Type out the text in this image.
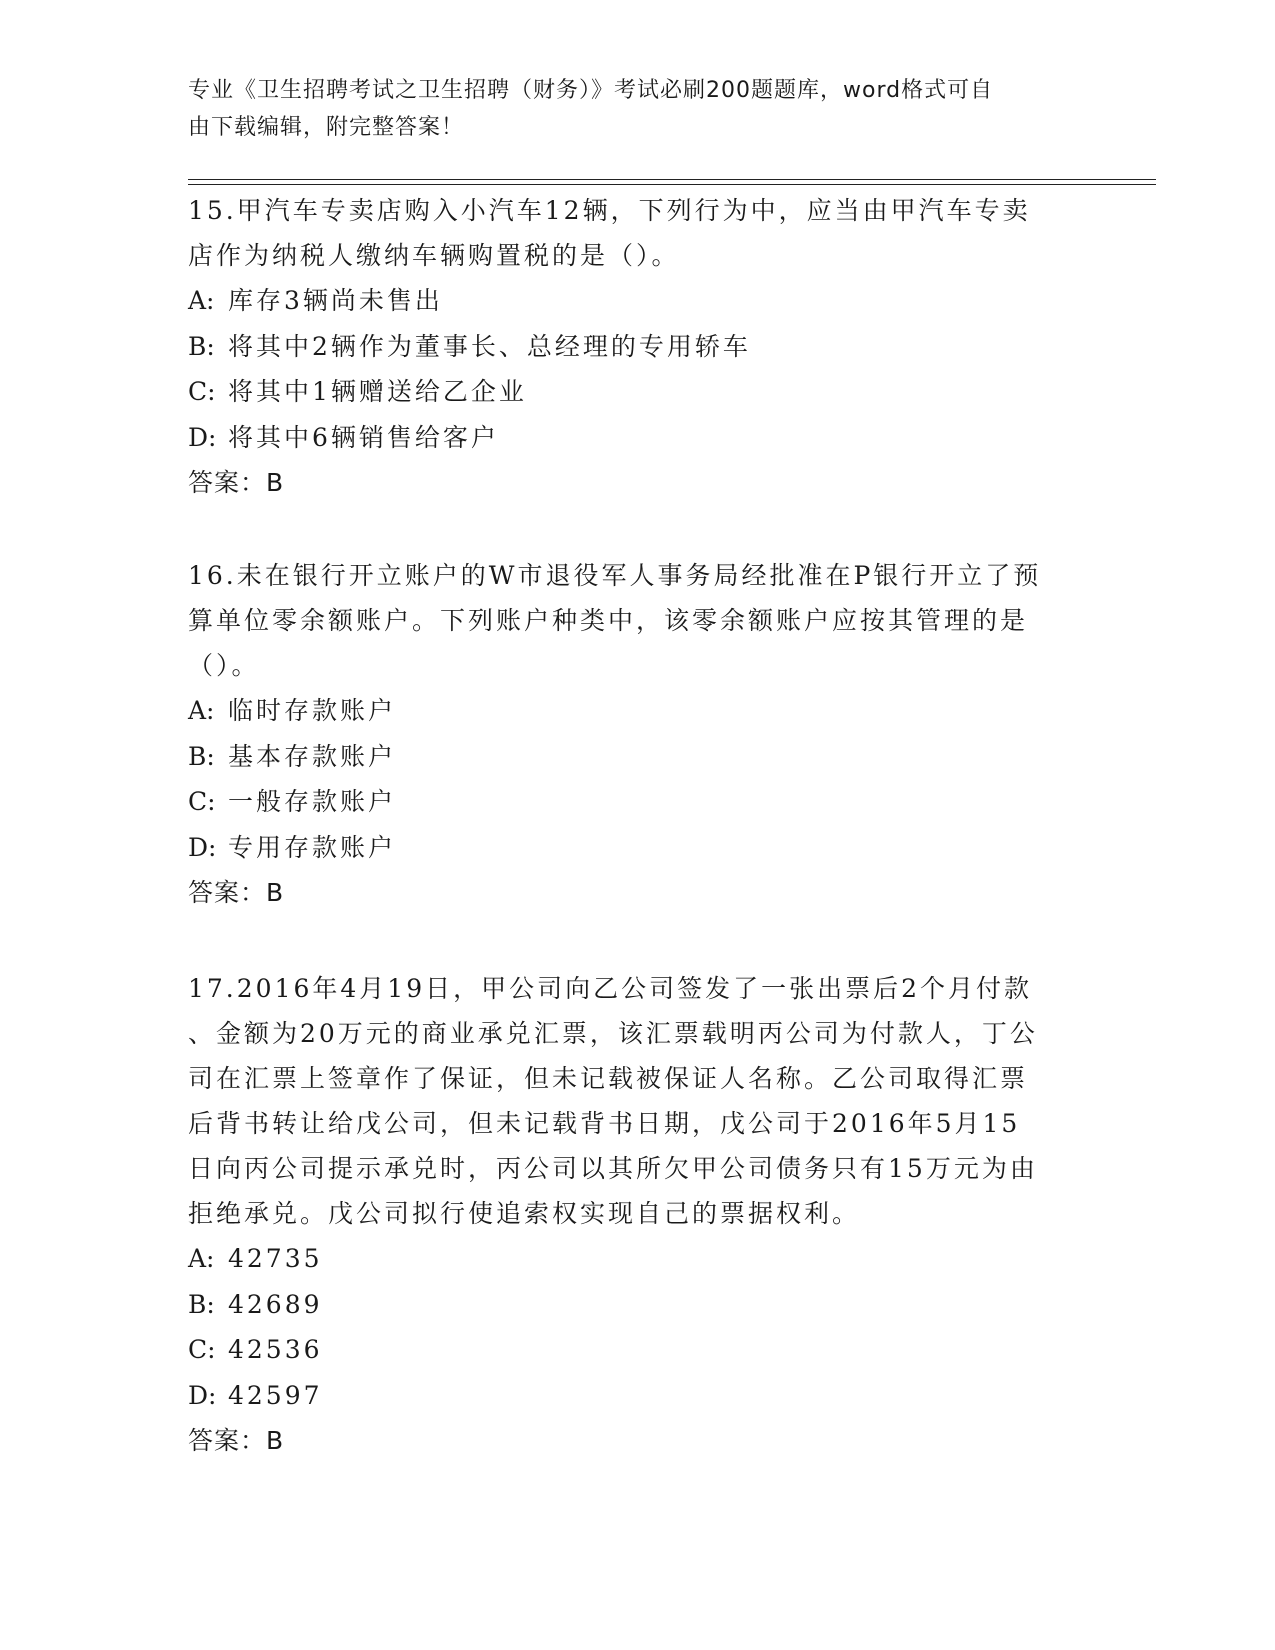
专业《卫生招聘考试之卫生招聘（财务）》考试必刷200题题库，word格式可自
由下载编辑，附完整答案！

15.甲汽车专卖店购入小汽车12辆，下列行为中，应当由甲汽车专卖

店作为纳税人缴纳车辆购置税的是（）。

A: 库存3辆尚未售出

B: 将其中2辆作为董事长、总经理的专用轿车

C: 将其中1辆赠送给乙企业

D: 将其中6辆销售给客户

答案：B

16.未在银行开立账户的W市退役军人事务局经批准在P银行开立了预

算单位零余额账户。下列账户种类中，该零余额账户应按其管理的是

（）。

A: 临时存款账户

B: 基本存款账户

C: 一般存款账户

D: 专用存款账户

答案：B

17.2016年4月19日，甲公司向乙公司签发了一张出票后2个月付款

、金额为20万元的商业承兑汇票，该汇票载明丙公司为付款人，丁公

司在汇票上签章作了保证，但未记载被保证人名称。乙公司取得汇票

后背书转让给戊公司，但未记载背书日期，戊公司于2016年5月15

日向丙公司提示承兑时，丙公司以其所欠甲公司债务只有15万元为由

拒绝承兑。戊公司拟行使追索权实现自己的票据权利。

A: 42735

B: 42689

C: 42536

D: 42597

答案：B
